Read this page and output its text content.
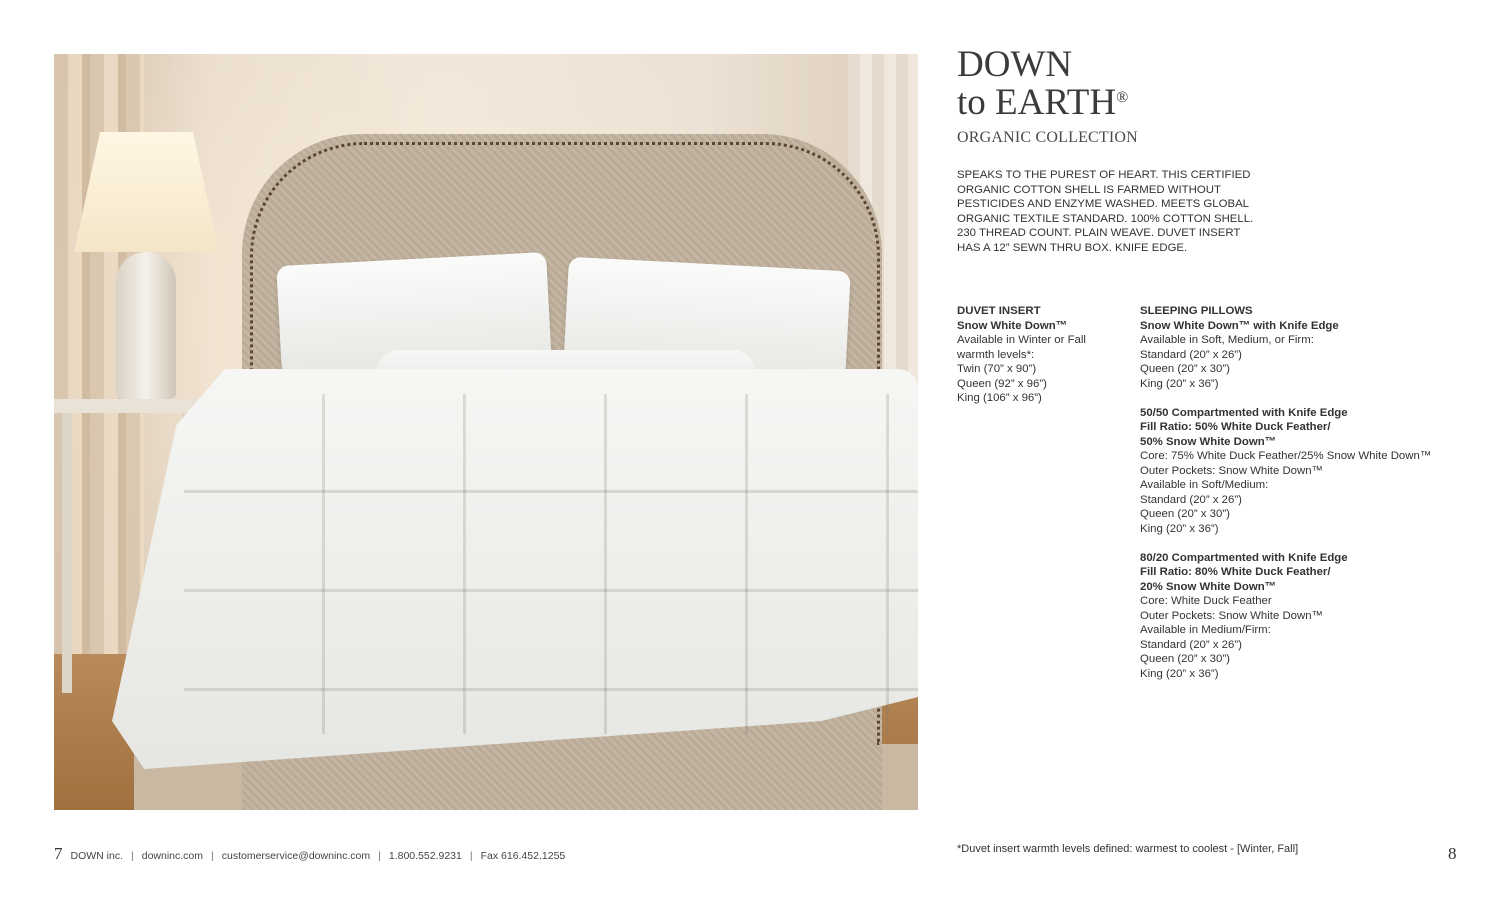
DOWN
to EARTH®
ORGANIC COLLECTION
SPEAKS TO THE PUREST OF HEART. THIS CERTIFIED
ORGANIC COTTON SHELL IS FARMED WITHOUT
PESTICIDES AND ENZYME WASHED. MEETS GLOBAL
ORGANIC TEXTILE STANDARD. 100% COTTON SHELL.
230 THREAD COUNT. PLAIN WEAVE. DUVET INSERT
HAS A 12” SEWN THRU BOX. KNIFE EDGE.
DUVET INSERT
Snow White Down™
Available in Winter or Fall
warmth levels*:
Twin (70” x 90”)
Queen (92” x 96”)
King (106” x 96”)
SLEEPING PILLOWS
Snow White Down™ with Knife Edge
Available in Soft, Medium, or Firm:
Standard (20” x 26”)
Queen (20” x 30”)
King (20” x 36”)
50/50 Compartmented with Knife Edge
Fill Ratio: 50% White Duck Feather/
50% Snow White Down™
Core: 75% White Duck Feather/25% Snow White Down™
Outer Pockets: Snow White Down™
Available in Soft/Medium:
Standard (20” x 26”)
Queen (20” x 30”)
King (20” x 36”)
80/20 Compartmented with Knife Edge
Fill Ratio: 80% White Duck Feather/
20% Snow White Down™
Core: White Duck Feather
Outer Pockets: Snow White Down™
Available in Medium/Firm:
Standard (20” x 26”)
Queen (20” x 30”)
King (20” x 36”)
7 DOWN inc. | downinc.com | customerservice@downinc.com | 1.800.552.9231 | Fax 616.452.1255
*Duvet insert warmth levels defined: warmest to coolest - [Winter, Fall]	8
